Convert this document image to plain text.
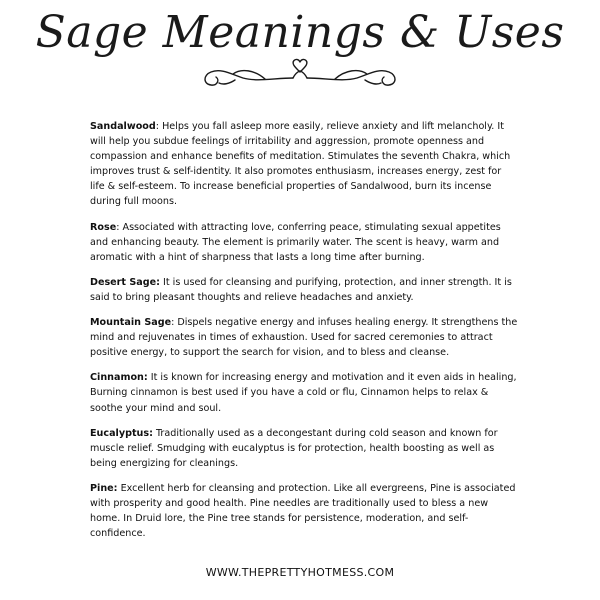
Sage Meanings & Uses

Sandalwood: Helps you fall asleep more easily, relieve anxiety and lift melancholy. It will help you subdue feelings of irritability and aggression, promote openness and compassion and enhance benefits of meditation. Stimulates the seventh Chakra, which improves trust & self-identity. It also promotes enthusiasm, increases energy, zest for life & self-esteem. To increase beneficial properties of Sandalwood, burn its incense during full moons.

Rose: Associated with attracting love, conferring peace, stimulating sexual appetites and enhancing beauty. The element is primarily water. The scent is heavy, warm and aromatic with a hint of sharpness that lasts a long time after burning.

Desert Sage: It is used for cleansing and purifying, protection, and inner strength. It is said to bring pleasant thoughts and relieve headaches and anxiety.

Mountain Sage: Dispels negative energy and infuses healing energy. It strengthens the mind and rejuvenates in times of exhaustion. Used for sacred ceremonies to attract positive energy, to support the search for vision, and to bless and cleanse.

Cinnamon: It is known for increasing energy and motivation and it even aids in healing, Burning cinnamon is best used if you have a cold or flu, Cinnamon helps to relax & soothe your mind and soul.

Eucalyptus: Traditionally used as a decongestant during cold season and known for muscle relief. Smudging with eucalyptus is for protection, health boosting as well as being energizing for cleanings.

Pine: Excellent herb for cleansing and protection. Like all evergreens, Pine is associated with prosperity and good health. Pine needles are traditionally used to bless a new home. In Druid lore, the Pine tree stands for persistence, moderation, and self-confidence.

WWW.THEPRETTYHOTMESS.COM
